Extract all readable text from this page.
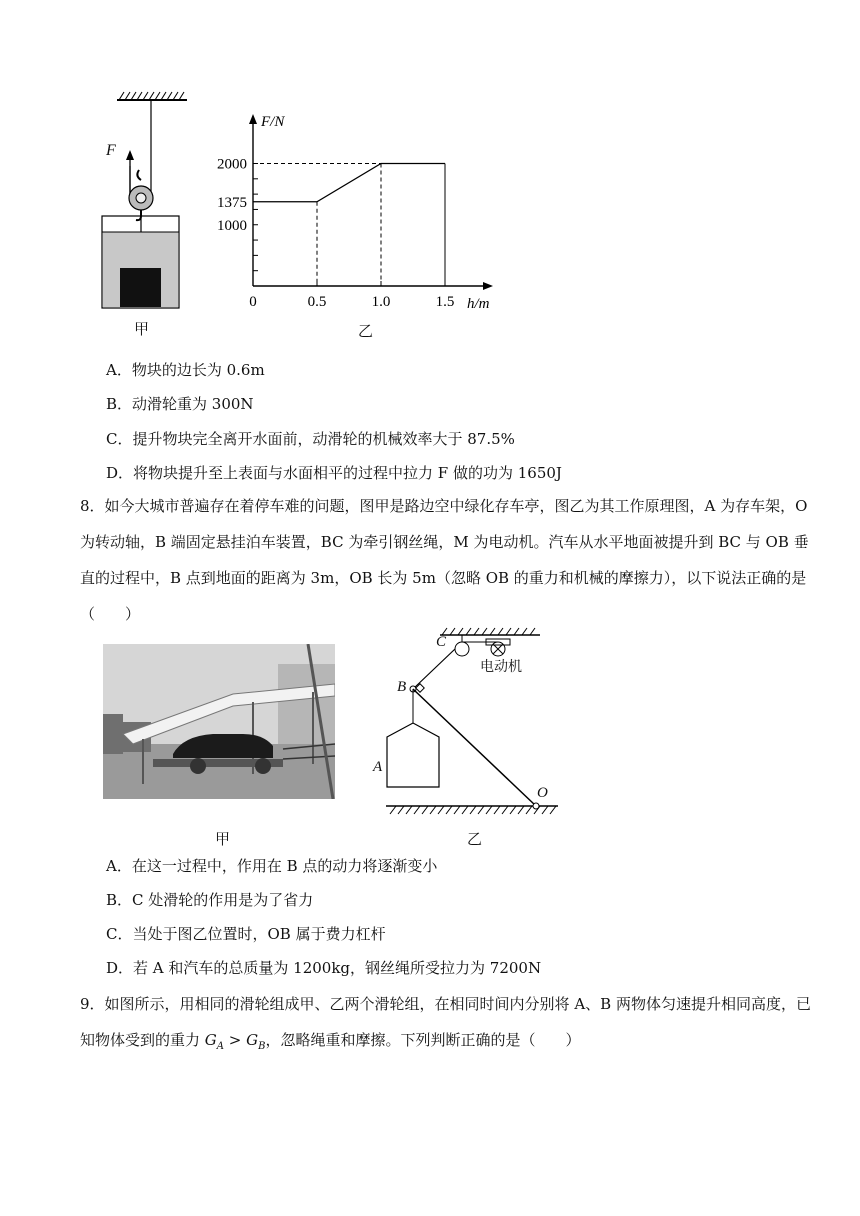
F
甲
1000
1375
2000
0	0.5	1.0	1.5
F/N
h/m
乙
A．物块的边长为 0.6m
B．动滑轮重为 300N
C．提升物块完全离开水面前，动滑轮的机械效率大于 87.5%
D．将物块提升至上表面与水面相平的过程中拉力 F 做的功为 1650J
8．如今大城市普遍存在着停车难的问题，图甲是路边空中绿化存车亭，图乙为其工作原理图，A 为存车架，O 为转动轴，B 端固定悬挂泊车装置，BC 为牵引钢丝绳，M 为电动机。汽车从水平地面被提升到 BC 与 OB 垂直的过程中，B 点到地面的距离为 3m，OB 长为 5m（忽略 OB 的重力和机械的摩擦力），以下说法正确的是（　　）
甲
C
电动机
B
A
O
乙
A．在这一过程中，作用在 B 点的动力将逐渐变小
B．C 处滑轮的作用是为了省力
C．当处于图乙位置时，OB 属于费力杠杆
D．若 A 和汽车的总质量为 1200kg，钢丝绳所受拉力为 7200N
9．如图所示，用相同的滑轮组成甲、乙两个滑轮组，在相同时间内分别将 A、B 两物体匀速提升相同高度，已知物体受到的重力 $G_A > G_B$，忽略绳重和摩擦。下列判断正确的是（　　）
